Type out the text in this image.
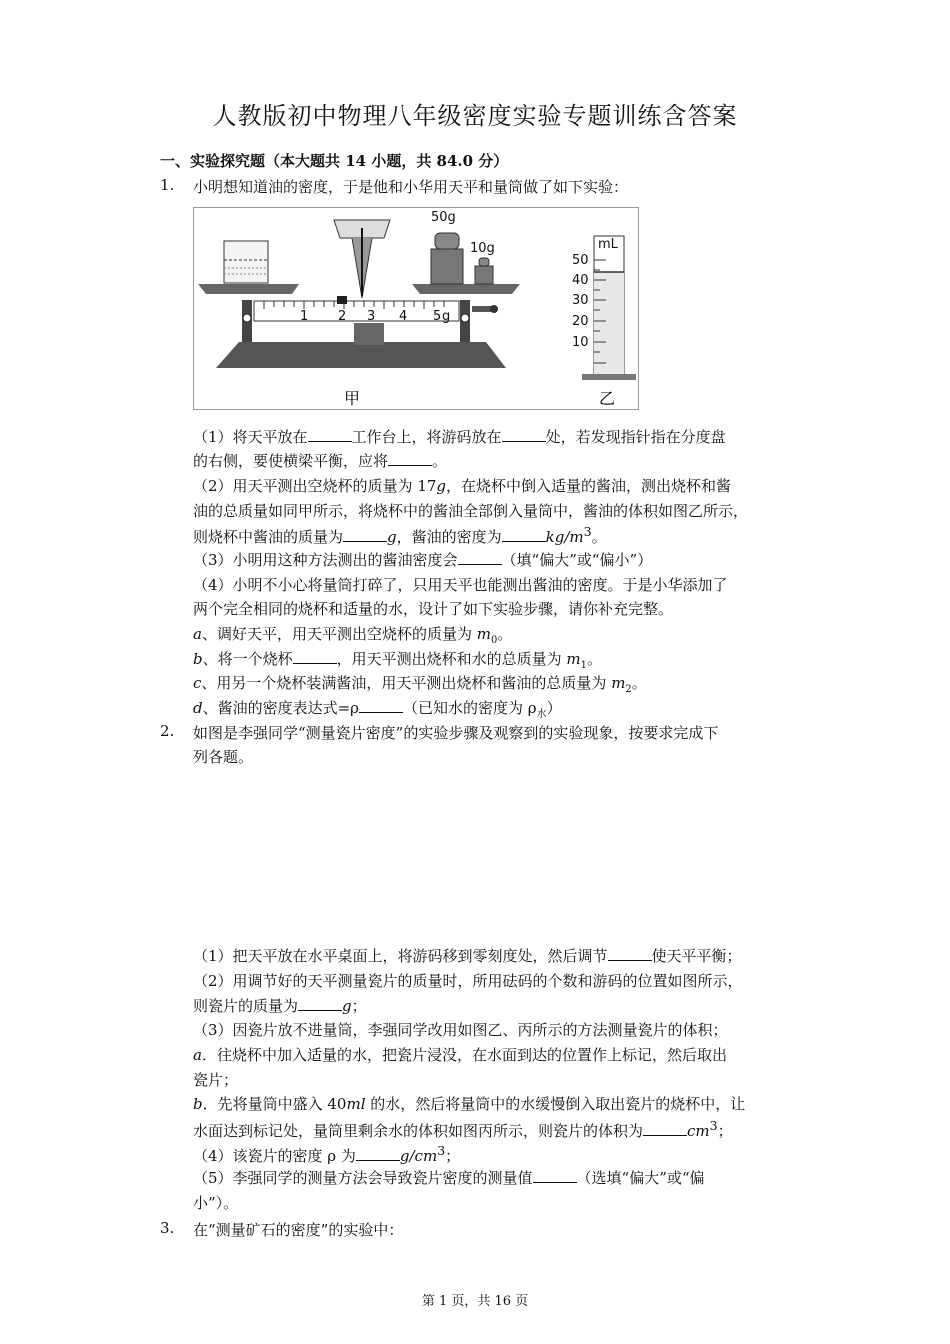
人教版初中物理八年级密度实验专题训练含答案
一、实验探究题（本大题共 14 小题，共 84.0 分）
1. 小明想知道油的密度，于是他和小华用天平和量筒做了如下实验：
50g
10g
1 2 3 4 5 g
mL
50
40
30
20
10
甲	乙
（1）将天平放在	工作台上，将游码放在	处，若发现指针指在分度盘
的右侧，要使横梁平衡，应将	。
（2）用天平测出空烧杯的质量为 17g，在烧杯中倒入适量的酱油，测出烧杯和酱
油的总质量如同甲所示，将烧杯中的酱油全部倒入量筒中，酱油的体积如图乙所示，
则烧杯中酱油的质量为	g，酱油的密度为	$kg/m^3$。
（3）小明用这种方法测出的酱油密度会	（填“偏大”或“偏小”）
（4）小明不小心将量筒打碎了，只用天平也能测出酱油的密度。于是小华添加了
两个完全相同的烧杯和适量的水，设计了如下实验步骤，请你补充完整。
a、调好天平，用天平测出空烧杯的质量为 $m_0$。
b、将一个烧杯	，用天平测出烧杯和水的总质量为 $m_1$。
c、用另一个烧杯装满酱油，用天平测出烧杯和酱油的总质量为 $m_2$。
d、酱油的密度表达式=ρ	（已知水的密度为 $\rho_水$）
2. 如图是李强同学“测量瓷片密度”的实验步骤及观察到的实验现象，按要求完成下
列各题。
（1）把天平放在水平桌面上，将游码移到零刻度处，然后调节	使天平平衡；
（2）用调节好的天平测量瓷片的质量时，所用砝码的个数和游码的位置如图所示，
则瓷片的质量为	g；
（3）因瓷片放不进量筒，李强同学改用如图乙、丙所示的方法测量瓷片的体积；
a．往烧杯中加入适量的水，把瓷片浸没，在水面到达的位置作上标记，然后取出
瓷片；
b．先将量筒中盛入 40ml 的水，然后将量筒中的水缓慢倒入取出瓷片的烧杯中，让
水面达到标记处，量筒里剩余水的体积如图丙所示，则瓷片的体积为	$cm^3$；
（4）该瓷片的密度 ρ 为	$g/cm^3$；
（5）李强同学的测量方法会导致瓷片密度的测量值	（选填“偏大”或“偏
小”）。
3. 在“测量矿石的密度”的实验中：
第 1 页，共 16 页
